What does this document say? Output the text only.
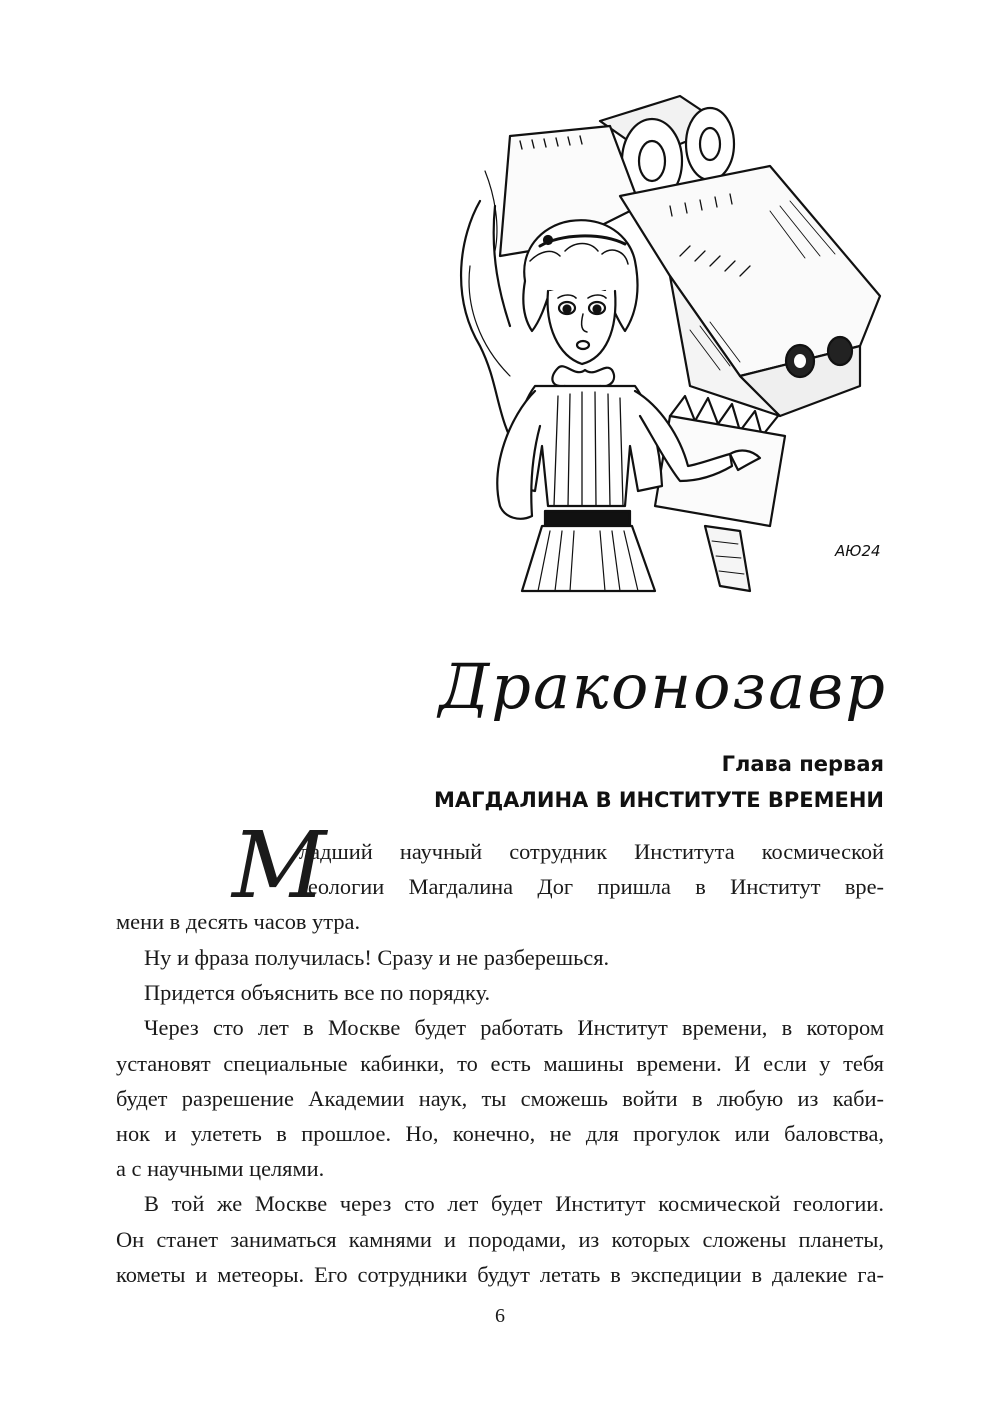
АЮ24
Драконозавр
Глава первая
МАГДАЛИНА В ИНСТИТУТЕ ВРЕМЕНИ
М
ладший научный сотрудник Института космической
геологии Магдалина Дог пришла в Институт вре-
мени в десять часов утра.

Ну и фраза получилась! Сразу и не разберешься.

Придется объяснить все по порядку.

Через сто лет в Москве будет работать Институт времени, в котором
установят специальные кабинки, то есть машины времени. И если у тебя
будет разрешение Академии наук, ты сможешь войти в любую из каби-
нок и улететь в прошлое. Но, конечно, не для прогулок или баловства,
а с научными целями.

В той же Москве через сто лет будет Институт космической геологии.
Он станет заниматься камнями и породами, из которых сложены планеты,
кометы и метеоры. Его сотрудники будут летать в экспедиции в далекие га-

6
